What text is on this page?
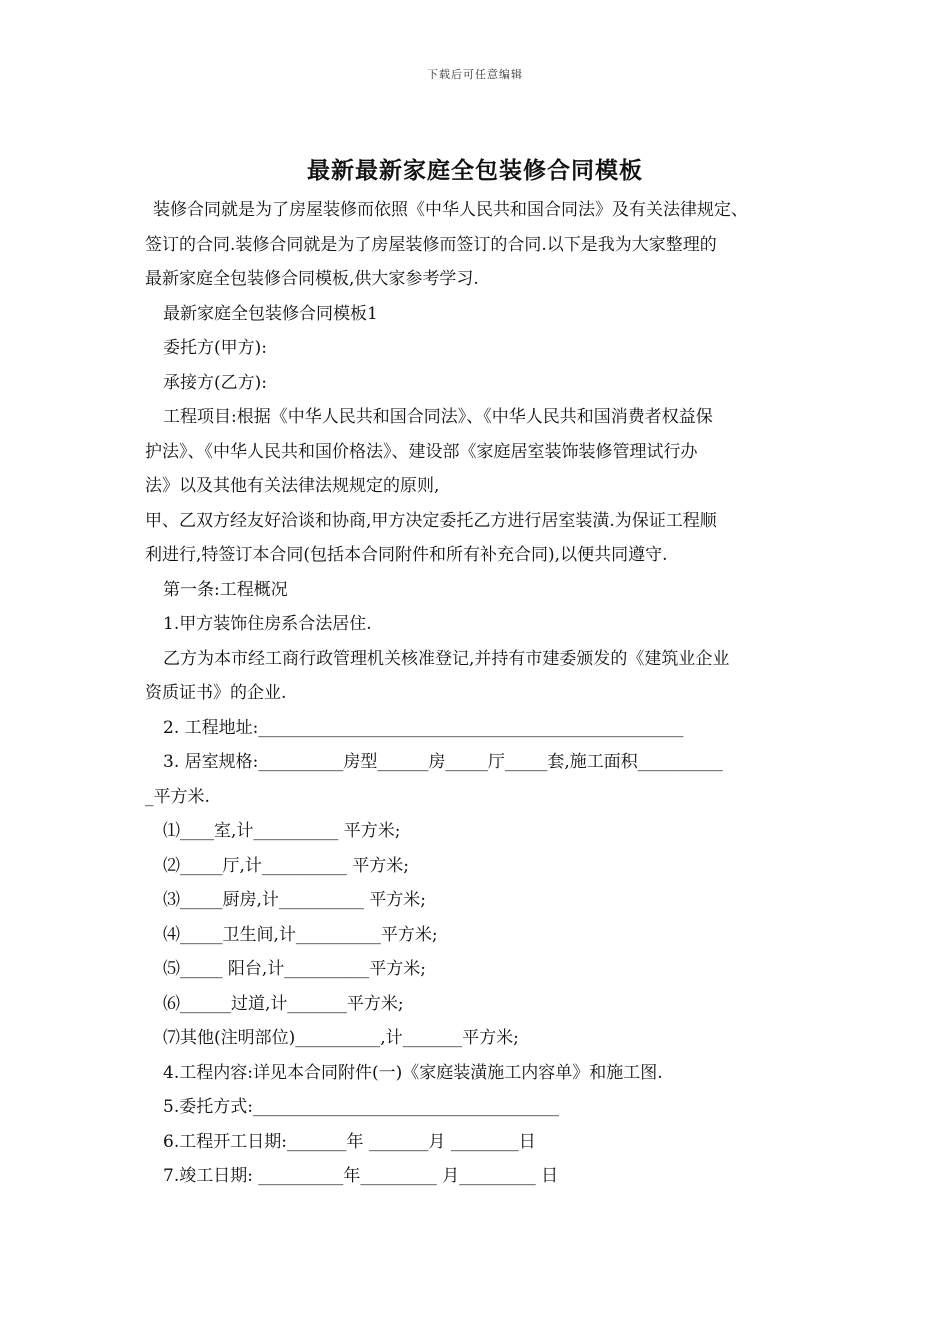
下载后可任意编辑
最新最新家庭全包装修合同模板
装修合同就是为了房屋装修而依照《中华人民共和国合同法》及有关法律规定、
签订的合同.装修合同就是为了房屋装修而签订的合同.以下是我为大家整理的
最新家庭全包装修合同模板,供大家参考学习.
最新家庭全包装修合同模板1
委托方(甲方):
承接方(乙方):
工程项目:根据《中华人民共和国合同法》、《中华人民共和国消费者权益保
护法》、《中华人民共和国价格法》、建设部《家庭居室装饰装修管理试行办
法》以及其他有关法律法规规定的原则,
甲、乙双方经友好洽谈和协商,甲方决定委托乙方进行居室装潢.为保证工程顺
利进行,特签订本合同(包括本合同附件和所有补充合同),以便共同遵守.
第一条:工程概况
1.甲方装饰住房系合法居住.
乙方为本市经工商行政管理机关核准登记,并持有市建委颁发的《建筑业企业
资质证书》的企业.
2. 工程地址:__________________________________________________
3. 居室规格:__________房型______房_____厅_____套,施工面积__________
_平方米.
⑴____室,计__________ 平方米;
⑵_____厅,计__________ 平方米;
⑶_____厨房,计__________ 平方米;
⑷_____卫生间,计__________平方米;
⑸_____ 阳台,计__________平方米;
⑹______过道,计_______平方米;
⑺其他(注明部位)__________,计_______平方米;
4.工程内容:详见本合同附件(一)《家庭装潢施工内容单》和施工图.
5.委托方式:____________________________________
6.工程开工日期:_______年 _______月 ________日
7.竣工日期: __________年_________ 月_________ 日
